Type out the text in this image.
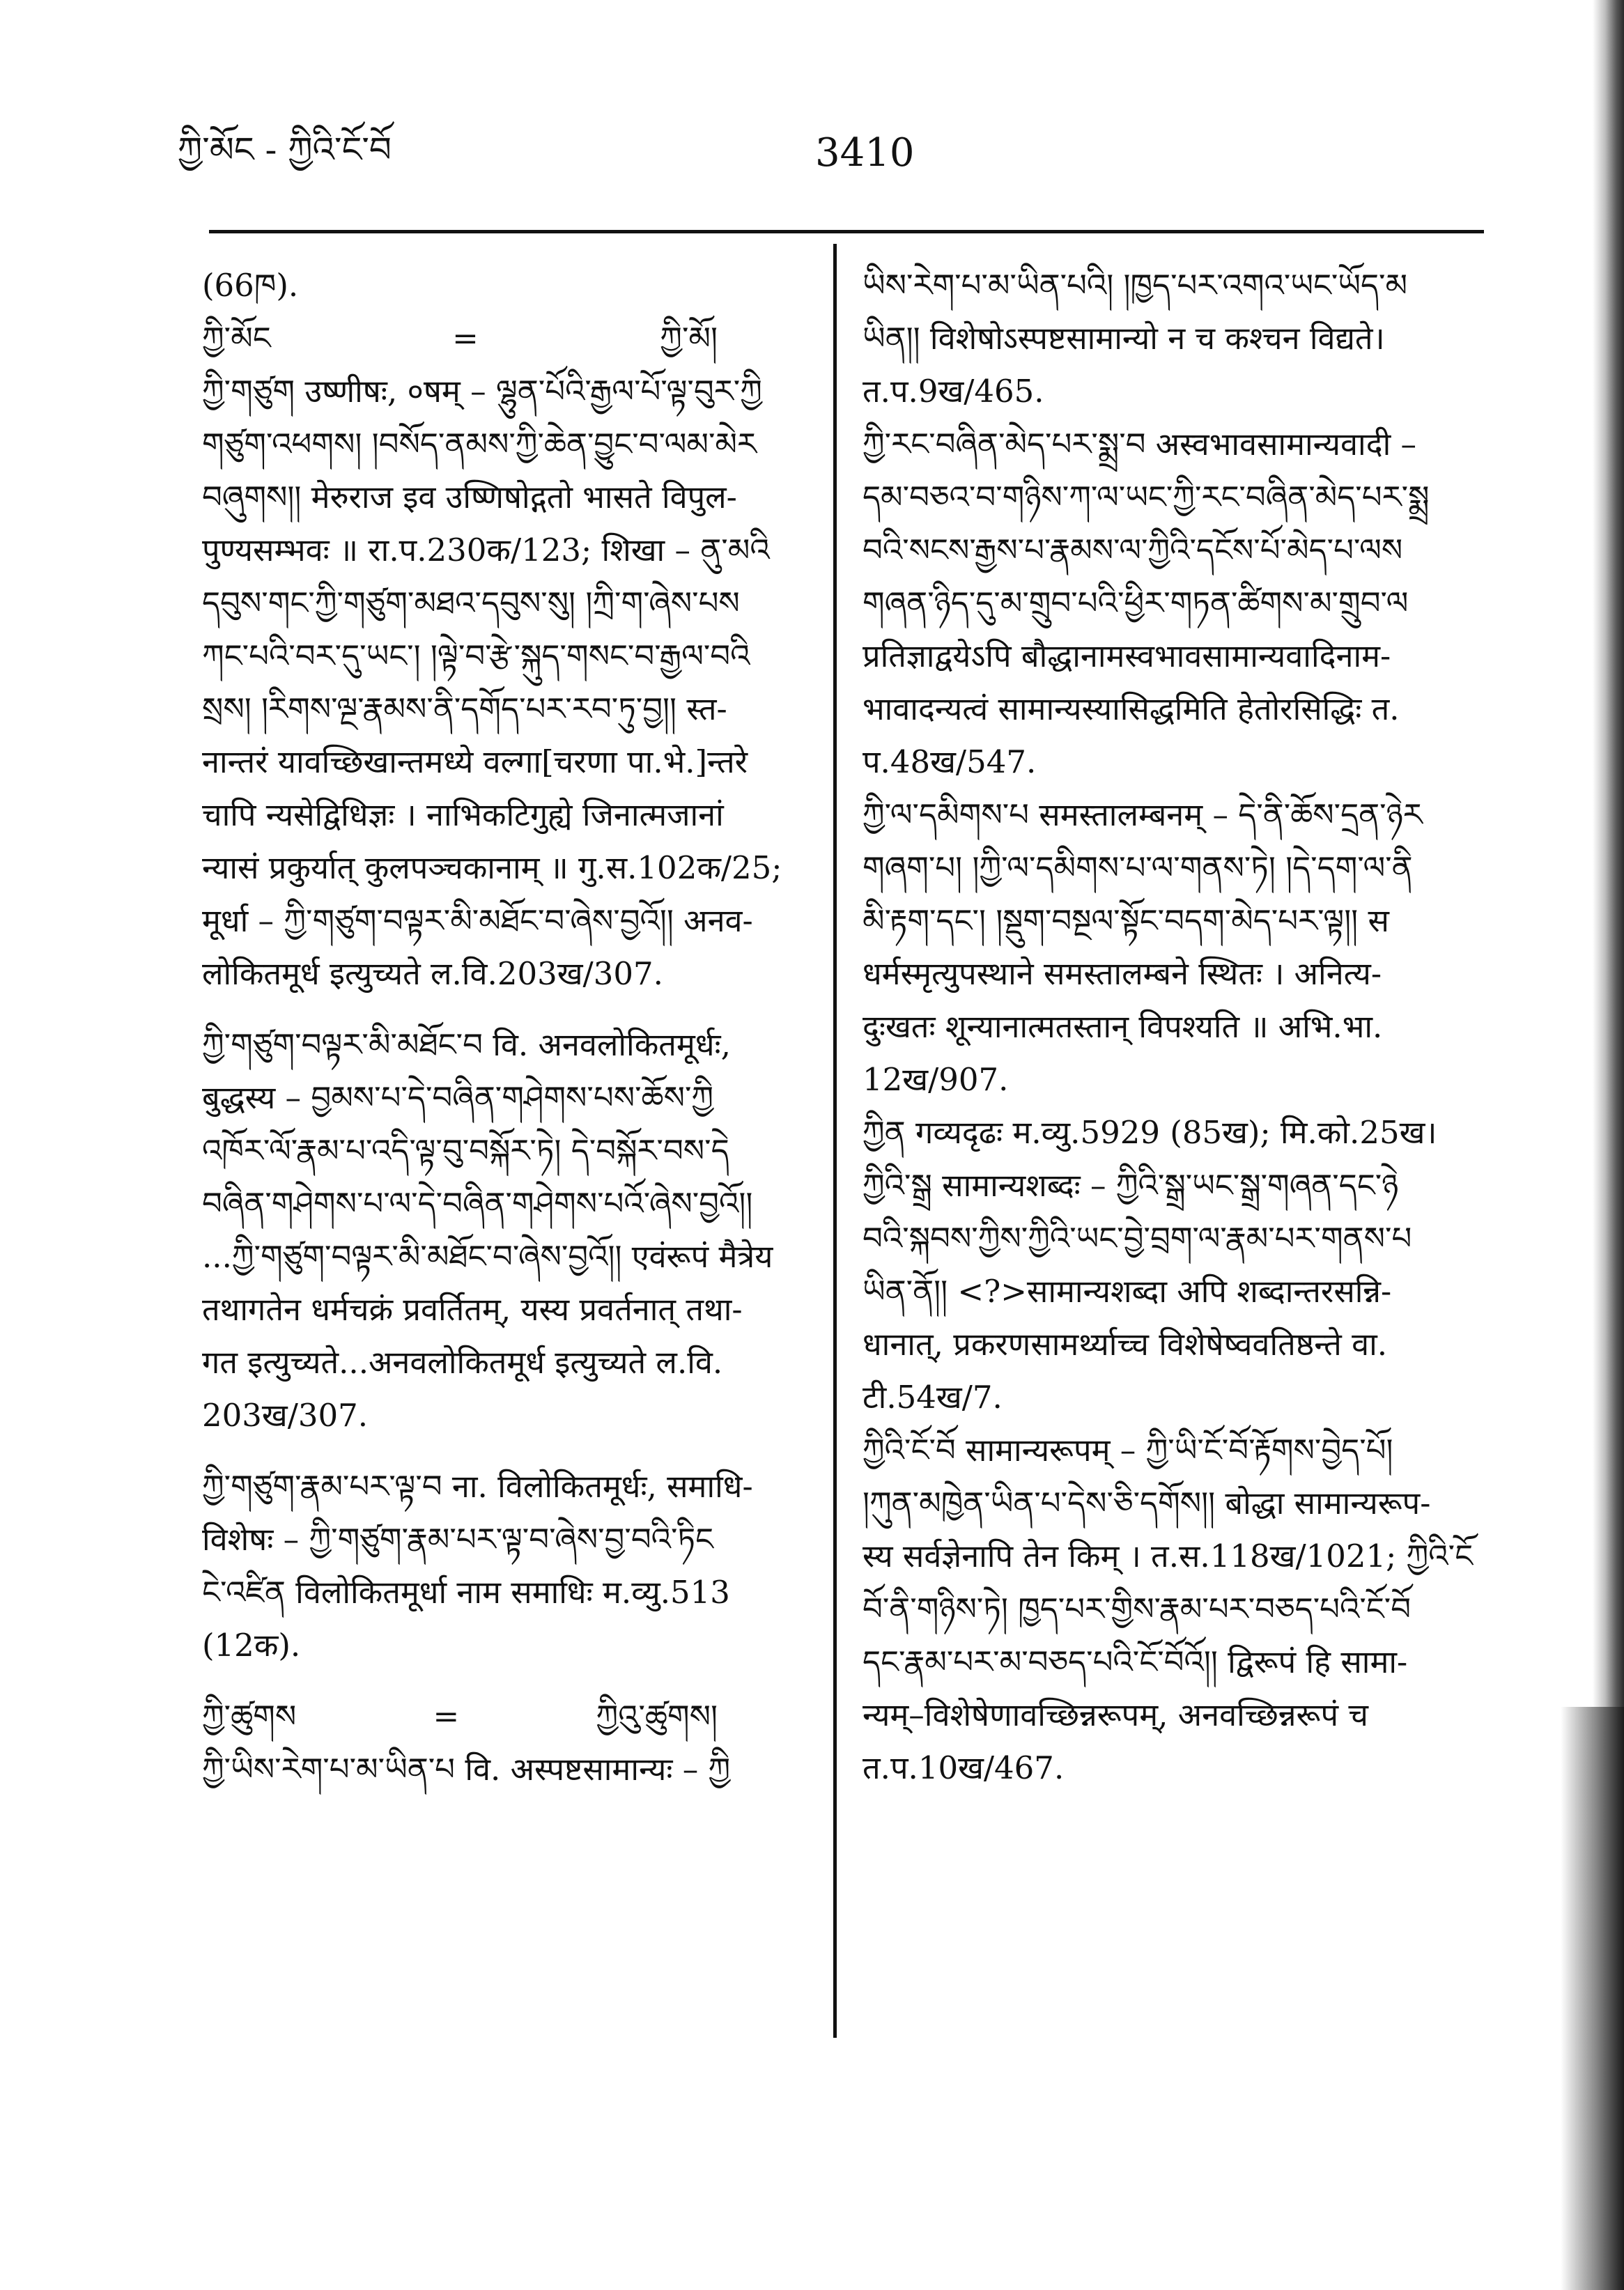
ཀྱི་མོང - ཀྱིའི་ངོ་བོ	3410
(66ཁ).
ཀྱི་མོང	=	ཀྱི་མོ།
ཀྱི་གཙུག उष्णीषः, ०षम् – ལྷུན་པོའི་རྒྱལ་པོ་ལྟ་བུར་ཀྱི
གཙུག་འཕགས། །བསོད་ནམས་ཀྱི་ཆེན་བྱུང་བ་ལམ་མེར
བཞུགས།། मेरुराज इव उष्णिषोद्गतो भासते विपुल-
पुण्यसम्भवः ॥ रा.प.230क/123; शिखा – ནུ་མའི
དབུས་གང་ཀྱི་གཙུག་མཐའ་དབུས་སུ། །ཀྲི་ག་ཞེས་པས
ཀང་པའི་བར་དུ་ཡང་། །ལྟེ་བ་རྩེ་སྐུད་གསང་བ་རྒྱལ་བའི
སྲས། །རིགས་ལྔ་རྣམས་ནི་དགོད་པར་རབ་ཏུ་བྱ།། स्त-
नान्तरं यावच्छिखान्तमध्ये वल्गा[चरणा पा.भे.]न्तरे
चापि न्यसेद्विधिज्ञः । नाभिकटिगुह्ये जिनात्मजानां
न्यासं प्रकुर्यात् कुलपञ्चकानाम् ॥ गु.स.102क/25;
मूर्धा – ཀྱི་གཙུག་བལྟར་མི་མཐོང་བ་ཞེས་བྱའོ།། अनव-
लोकितमूर्ध इत्युच्यते ल.वि.203ख/307.
ཀྱི་གཙུག་བལྟར་མི་མཐོང་བ वि. अनवलोकितमूर्धः,
बुद्धस्य – བྱམས་པ་དེ་བཞིན་གཤེགས་པས་ཆོས་ཀྱི
འཁོར་ལོ་རྣམ་པ་འདི་ལྟ་བུ་བསྐོར་ཏེ། དེ་བསྐོར་བས་དེ
བཞིན་གཤེགས་པ་ལ་དེ་བཞིན་གཤེགས་པའོ་ཞེས་བྱའོ།།
...ཀྱི་གཙུག་བལྟར་མི་མཐོང་བ་ཞེས་བྱའོ།། एवंरूपं मैत्रेय
तथागतेन धर्मचक्रं प्रवर्तितम्, यस्य प्रवर्तनात् तथा-
गत इत्युच्यते...अनवलोकितमूर्ध इत्युच्यते ल.वि.
203ख/307.
ཀྱི་གཙུག་རྣམ་པར་ལྟ་བ ना. विलोकितमूर्धः, समाधि-
विशेषः – ཀྱི་གཙུག་རྣམ་པར་ལྟ་བ་ཞེས་བྱ་བའི་ཏིང
ངེ་འཛིན विलोकितमूर्धा नाम समाधिः म.व्यु.513
(12क).
ཀྱི་ཚུགས	=	ཀྱིའུ་ཚུགས།
ཀྱི་ཡིས་རེག་པ་མ་ཡིན་པ वि. अस्पष्टसामान्यः – ཀྱི
ཡིས་རེག་པ་མ་ཡིན་པའི། །ཁྱད་པར་འགའ་ཡང་ཡོད་མ
ཡིན།། विशेषोऽस्पष्टसामान्यो न च कश्चन विद्यते।
त.प.9ख/465.
ཀྱི་རང་བཞིན་མེད་པར་སྨྲ་བ अस्वभावसामान्यवादी –
དམ་བཅའ་བ་གཉིས་ཀ་ལ་ཡང་ཀྱི་རང་བཞིན་མེད་པར་སྨྲ
བའི་སངས་རྒྱས་པ་རྣམས་ལ་ཀྱིའི་དངོས་པོ་མེད་པ་ལས
གཞན་ཉིད་དུ་མ་གྲུབ་པའི་ཕྱིར་གཏན་ཚིགས་མ་གྲུབ་ལ
प्रतिज्ञाद्वयेऽपि बौद्धानामस्वभावसामान्यवादिनाम-
भावादन्यत्वं सामान्यस्यासिद्धमिति हेतोरसिद्धिः त.
प.48ख/547.
ཀྱི་ལ་དམིགས་པ समस्तालम्बनम् – དེ་ནི་ཆོས་དྲན་ཉེར
གཞག་པ། །ཀྱི་ལ་དམིགས་པ་ལ་གནས་ཏེ། །དེ་དག་ལ་ནི
མི་རྟག་དང་། །སྡུག་བསྔལ་སྟོང་བདག་མེད་པར་ལྟ།། स
धर्मस्मृत्युपस्थाने समस्तालम्बने स्थितः । अनित्य-
दुःखतः शून्यानात्मतस्तान् विपश्यति ॥ अभि.भा.
12ख/907.
ཀྱིན गव्यदृढः म.व्यु.5929 (85ख); मि.को.25ख।
ཀྱིའི་སྒྲ सामान्यशब्दः – ཀྱིའི་སྒྲ་ཡང་སྒྲ་གཞན་དང་ཉེ
བའི་སྐབས་ཀྱིས་ཀྱིའི་ཡང་བྱེ་བྲག་ལ་རྣམ་པར་གནས་པ
ཡིན་ནོ།། <?>सामान्यशब्दा अपि शब्दान्तरसन्नि-
धानात्, प्रकरणसामर्थ्याच्च विशेषेष्ववतिष्ठन्ते वा.
टी.54ख/7.
ཀྱིའི་ངོ་བོ सामान्यरूपम् – ཀྱི་ཡི་ངོ་བོ་རྟོགས་བྱེད་པོ།
།ཀུན་མཁྱེན་ཡིན་པ་དེས་ཅི་དགོས།། बोद्धा सामान्यरूप-
स्य सर्वज्ञेनापि तेन किम् । त.स.118ख/1021; ཀྱིའི་ངོ
བོ་ནི་གཉིས་ཏེ། ཁྱད་པར་གྱིས་རྣམ་པར་བཅད་པའི་ངོ་བོ
དང་རྣམ་པར་མ་བཅད་པའི་ངོ་བོའོ།། द्विरूपं हि सामा-
न्यम्–विशेषेणावच्छिन्नरूपम्, अनवच्छिन्नरूपं च
त.प.10ख/467.
